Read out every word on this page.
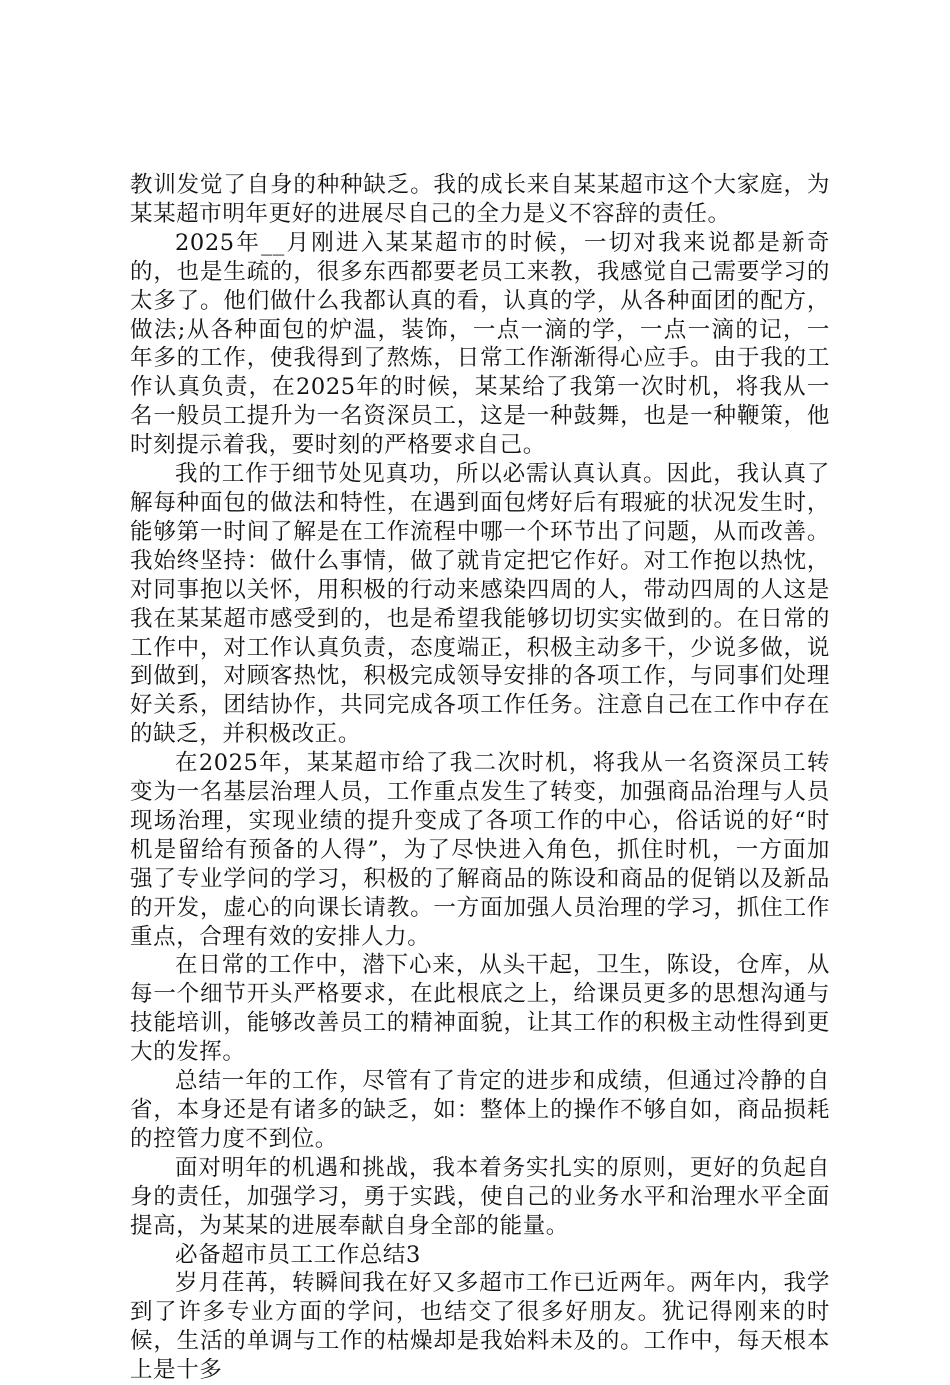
教训发觉了自身的种种缺乏。我的成长来自某某超市这个大家庭，为某某超市明年更好的进展尽自己的全力是义不容辞的责任。

2025年__月刚进入某某超市的时候，一切对我来说都是新奇的，也是生疏的，很多东西都要老员工来教，我感觉自己需要学习的太多了。他们做什么我都认真的看，认真的学，从各种面团的配方，做法;从各种面包的炉温，装饰，一点一滴的学，一点一滴的记，一年多的工作，使我得到了熬炼，日常工作渐渐得心应手。由于我的工作认真负责，在2025年的时候，某某给了我第一次时机，将我从一名一般员工提升为一名资深员工，这是一种鼓舞，也是一种鞭策，他时刻提示着我，要时刻的严格要求自己。

我的工作于细节处见真功，所以必需认真认真。因此，我认真了解每种面包的做法和特性，在遇到面包烤好后有瑕疵的状况发生时，能够第一时间了解是在工作流程中哪一个环节出了问题，从而改善。我始终坚持：做什么事情，做了就肯定把它作好。对工作抱以热忱，对同事抱以关怀，用积极的行动来感染四周的人，带动四周的人这是我在某某超市感受到的，也是希望我能够切切实实做到的。在日常的工作中，对工作认真负责，态度端正，积极主动多干，少说多做，说到做到，对顾客热忱，积极完成领导安排的各项工作，与同事们处理好关系，团结协作，共同完成各项工作任务。注意自己在工作中存在的缺乏，并积极改正。

在2025年，某某超市给了我二次时机，将我从一名资深员工转变为一名基层治理人员，工作重点发生了转变，加强商品治理与人员现场治理，实现业绩的提升变成了各项工作的中心，俗话说的好“时机是留给有预备的人得”，为了尽快进入角色，抓住时机，一方面加强了专业学问的学习，积极的了解商品的陈设和商品的促销以及新品的开发，虚心的向课长请教。一方面加强人员治理的学习，抓住工作重点，合理有效的安排人力。

在日常的工作中，潜下心来，从头干起，卫生，陈设，仓库，从每一个细节开头严格要求，在此根底之上，给课员更多的思想沟通与技能培训，能够改善员工的精神面貌，让其工作的积极主动性得到更大的发挥。

总结一年的工作，尽管有了肯定的进步和成绩，但通过冷静的自省，本身还是有诸多的缺乏，如：整体上的操作不够自如，商品损耗的控管力度不到位。

面对明年的机遇和挑战，我本着务实扎实的原则，更好的负起自身的责任，加强学习，勇于实践，使自己的业务水平和治理水平全面提高，为某某的进展奉献自身全部的能量。

必备超市员工工作总结3

岁月荏苒，转瞬间我在好又多超市工作已近两年。两年内，我学到了许多专业方面的学问，也结交了很多好朋友。犹记得刚来的时候，生活的单调与工作的枯燥却是我始料未及的。工作中，每天根本上是十多
